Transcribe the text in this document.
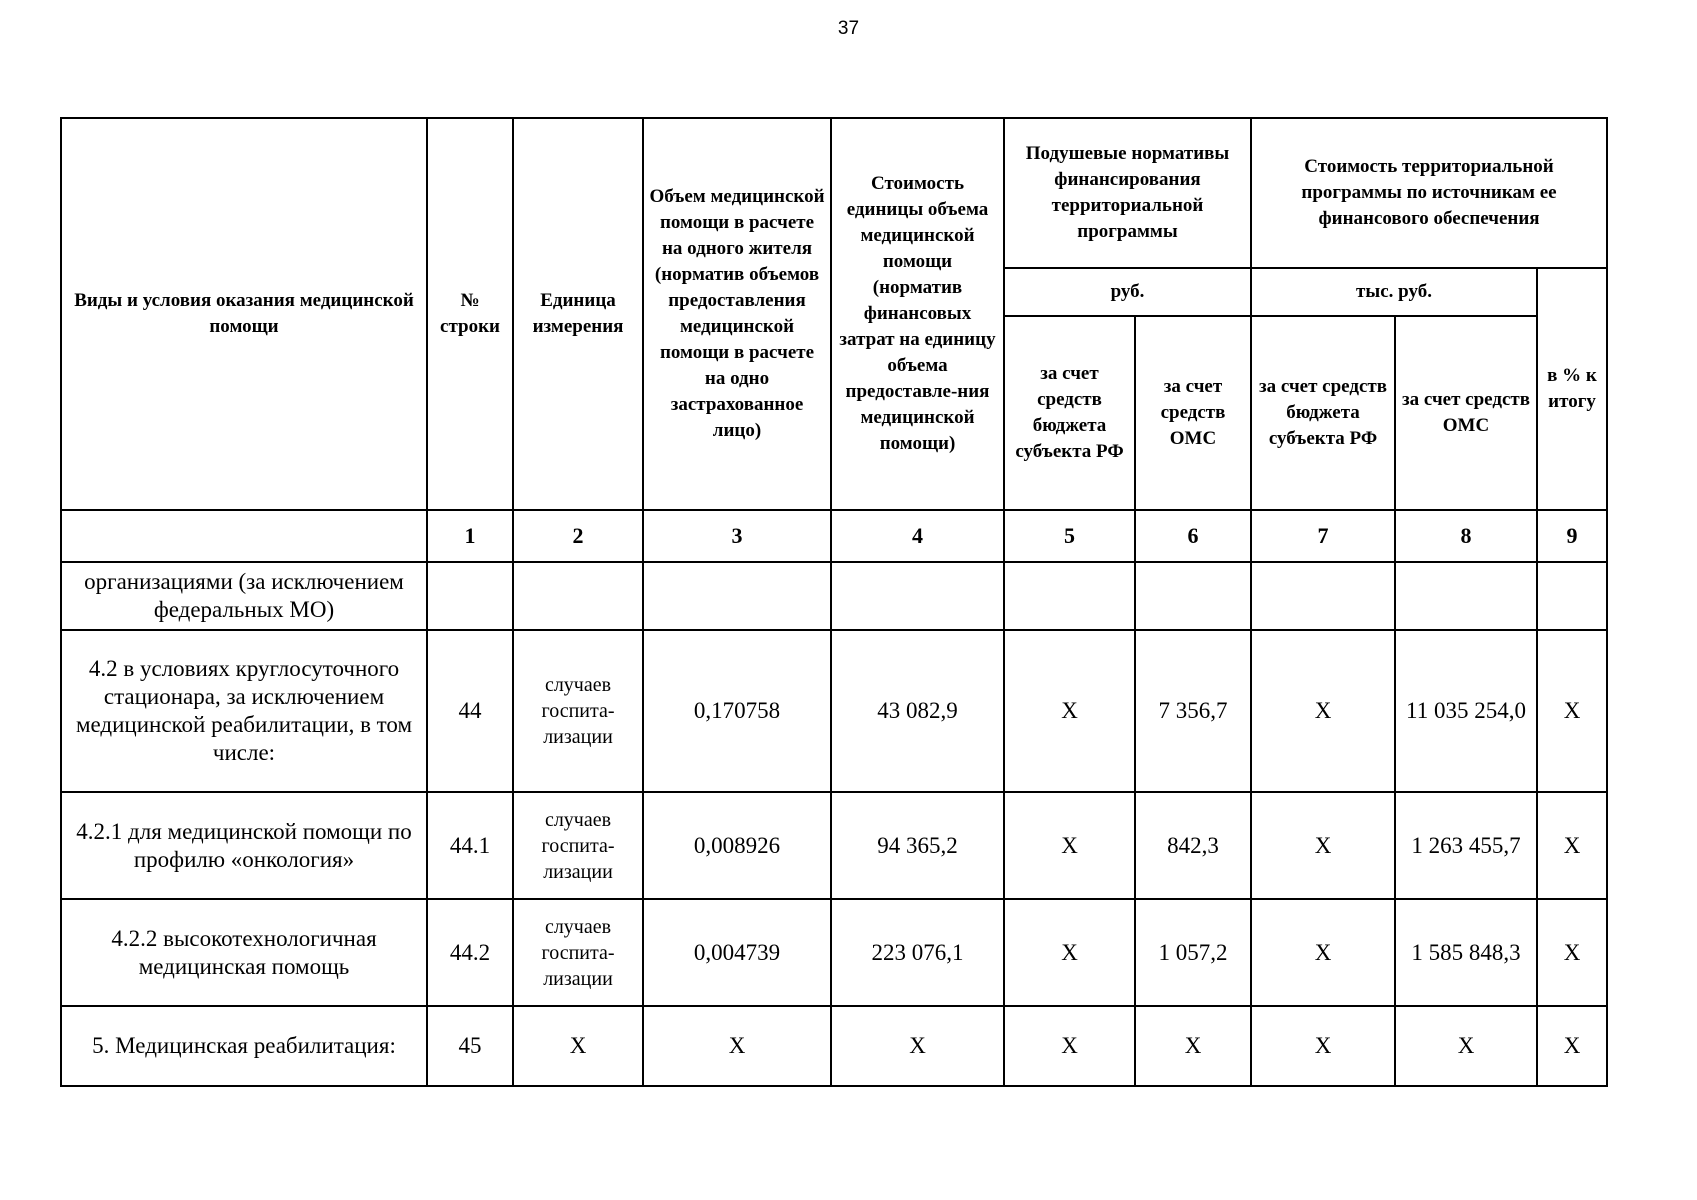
37
Виды и условия оказания медицинской помощи	№ строки	Единица измерения	Объем медицинской помощи в расчете на одного жителя (норматив объемов предоставления медицинской помощи в расчете на одно застрахованное лицо)	Стоимость единицы объема медицинской помощи (норматив финансовых затрат на единицу объема предоставле-ния медицинской помощи)	Подушевые нормативы финансирования территориальной программы		Стоимость территориальной программы по источникам ее финансового обеспечения		
					руб.		тыс. руб.		в % к итогу
					за счет средств бюджета субъекта РФ	за счет средств ОМС	за счет средств бюджета субъекта РФ	за счет средств ОМС	
	1	2	3	4	5	6	7	8	9
организациями (за исключением федеральных МО)									
4.2 в условиях круглосуточного стационара, за исключением медицинской реабилитации, в том числе:	44	случаев госпита-лизации	0,170758	43 082,9	X	7 356,7	X	11 035 254,0	X
4.2.1 для медицинской помощи по профилю «онкология»	44.1	случаев госпита-лизации	0,008926	94 365,2	X	842,3	X	1 263 455,7	X
4.2.2 высокотехнологичная медицинская помощь	44.2	случаев госпита-лизации	0,004739	223 076,1	X	1 057,2	X	1 585 848,3	X
5. Медицинская реабилитация:	45	X	X	X	X	X	X	X	X
